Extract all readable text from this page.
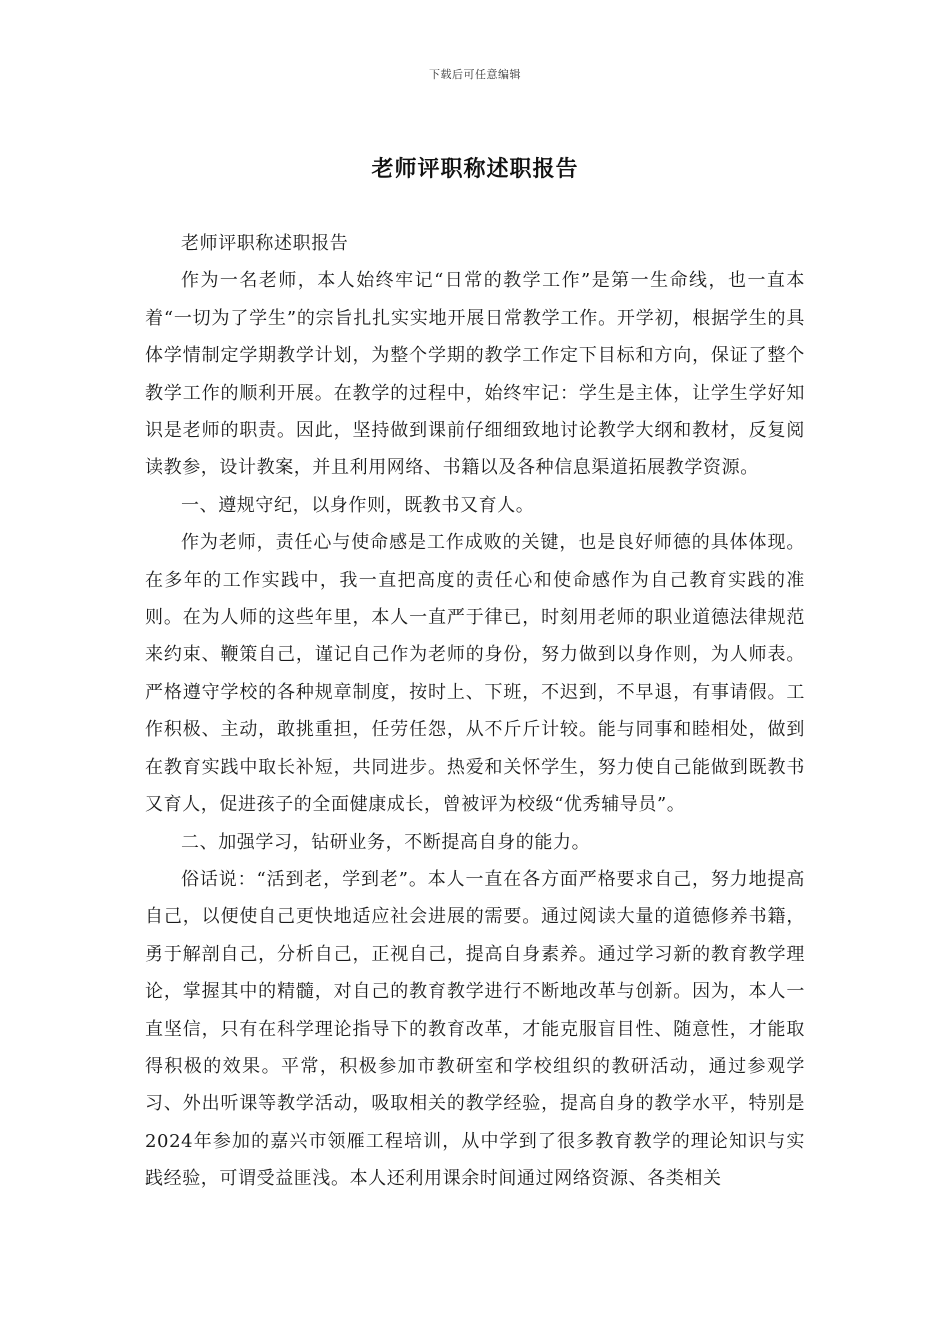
下载后可任意编辑
老师评职称述职报告

老师评职称述职报告

作为一名老师，本人始终牢记“日常的教学工作”是第一生命线，也一直本着“一切为了学生”的宗旨扎扎实实地开展日常教学工作。开学初，根据学生的具体学情制定学期教学计划，为整个学期的教学工作定下目标和方向，保证了整个教学工作的顺利开展。在教学的过程中，始终牢记：学生是主体，让学生学好知识是老师的职责。因此，坚持做到课前仔细细致地讨论教学大纲和教材，反复阅读教参，设计教案，并且利用网络、书籍以及各种信息渠道拓展教学资源。

一、遵规守纪，以身作则，既教书又育人。

作为老师，责任心与使命感是工作成败的关键，也是良好师德的具体体现。在多年的工作实践中，我一直把高度的责任心和使命感作为自己教育实践的准则。在为人师的这些年里，本人一直严于律已，时刻用老师的职业道德法律规范来约束、鞭策自己，谨记自己作为老师的身份，努力做到以身作则，为人师表。严格遵守学校的各种规章制度，按时上、下班，不迟到，不早退，有事请假。工作积极、主动，敢挑重担，任劳任怨，从不斤斤计较。能与同事和睦相处，做到在教育实践中取长补短，共同进步。热爱和关怀学生，努力使自己能做到既教书又育人，促进孩子的全面健康成长，曾被评为校级“优秀辅导员”。

二、加强学习，钻研业务，不断提高自身的能力。

俗话说：“活到老，学到老”。本人一直在各方面严格要求自己，努力地提高自己，以便使自己更快地适应社会进展的需要。通过阅读大量的道德修养书籍，勇于解剖自己，分析自己，正视自己，提高自身素养。通过学习新的教育教学理论，掌握其中的精髓，对自己的教育教学进行不断地改革与创新。因为，本人一直坚信，只有在科学理论指导下的教育改革，才能克服盲目性、随意性，才能取得积极的效果。平常，积极参加市教研室和学校组织的教研活动，通过参观学习、外出听课等教学活动，吸取相关的教学经验，提高自身的教学水平，特别是2024年参加的嘉兴市领雁工程培训，从中学到了很多教育教学的理论知识与实践经验，可谓受益匪浅。本人还利用课余时间通过网络资源、各类相关
